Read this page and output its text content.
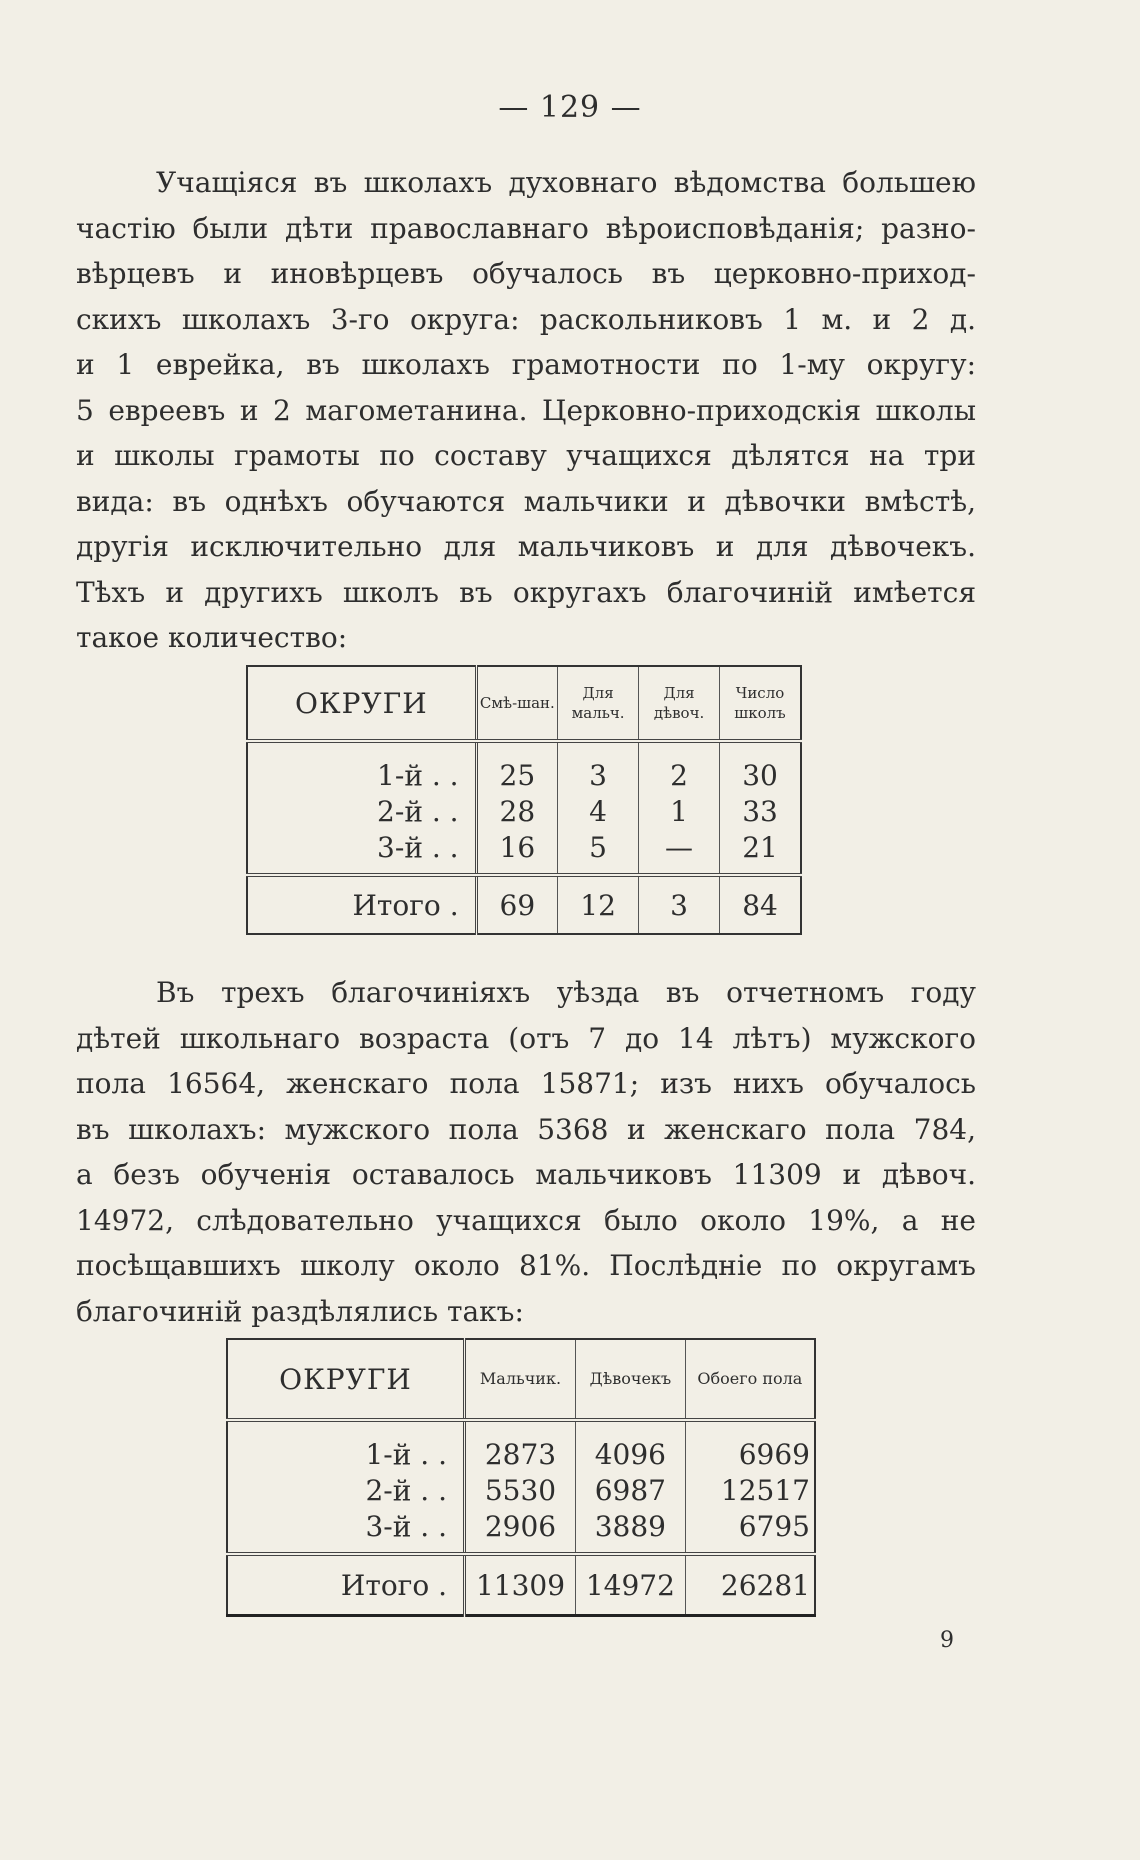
— 129 —
Учащіяся въ школахъ духовнаго вѣдомства большею
частію были дѣти православнаго вѣроисповѣданія; разно-
вѣрцевъ и иновѣрцевъ обучалось въ церковно-приход-
скихъ школахъ 3-го округа: раскольниковъ 1 м. и 2 д.
и 1 еврейка, въ школахъ грамотности по 1-му округу:
5 евреевъ и 2 магометанина. Церковно-приходскія школы
и школы грамоты по составу учащихся дѣлятся на три
вида: въ однѣхъ обучаются мальчики и дѣвочки вмѣстѣ,
другія исключительно для мальчиковъ и для дѣвочекъ.
Тѣхъ и другихъ школъ въ округахъ благочиній имѣется
такое количество:
ОКРУГИ	Смѣ-шан.	Для мальч.	Для дѣвоч.	Число школъ
1-й . .	25	3	2	30
2-й . .	28	4	1	33
3-й . .	16	5	—	21
Итого .	69	12	3	84
Въ трехъ благочиніяхъ уѣзда въ отчетномъ году
дѣтей школьнаго возраста (отъ 7 до 14 лѣтъ) мужского
пола 16564, женскаго пола 15871; изъ нихъ обучалось
въ школахъ: мужского пола 5368 и женскаго пола 784,
а безъ обученія оставалось мальчиковъ 11309 и дѣвоч.
14972, слѣдовательно учащихся было около 19%, а не
посѣщавшихъ школу около 81%. Послѣдніе по округамъ
благочиній раздѣлялись такъ:
ОКРУГИ	Мальчик.	Дѣвочекъ	Обоего пола
1-й . .	2873	4096	6969
2-й . .	5530	6987	12517
3-й . .	2906	3889	6795
Итого .	11309	14972	26281
9
